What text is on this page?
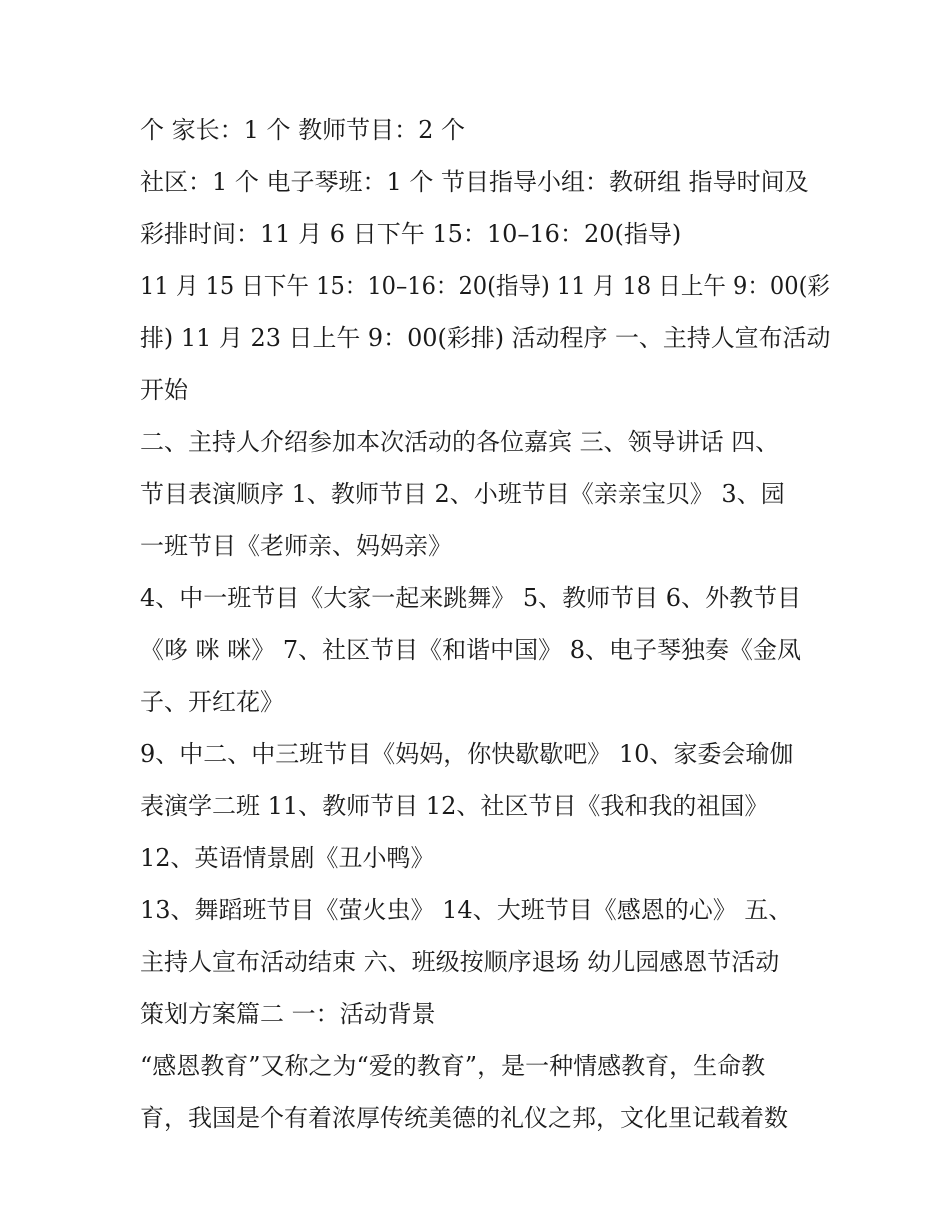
个 家长：1 个 教师节目：2 个
社区：1 个 电子琴班：1 个 节目指导小组：教研组 指导时间及
彩排时间：11 月 6 日下午 15：10–16：20(指导)
11 月 15 日下午 15：10–16：20(指导) 11 月 18 日上午 9：00(彩
排) 11 月 23 日上午 9：00(彩排) 活动程序 一、主持人宣布活动
开始
二、主持人介绍参加本次活动的各位嘉宾 三、领导讲话 四、
节目表演顺序 1、教师节目 2、小班节目《亲亲宝贝》 3、园
一班节目《老师亲、妈妈亲》
4、中一班节目《大家一起来跳舞》 5、教师节目 6、外教节目
《哆 咪 咪》 7、社区节目《和谐中国》 8、电子琴独奏《金凤
子、开红花》
9、中二、中三班节目《妈妈，你快歇歇吧》 10、家委会瑜伽
表演学二班 11、教师节目 12、社区节目《我和我的祖国》
12、英语情景剧《丑小鸭》
13、舞蹈班节目《萤火虫》 14、大班节目《感恩的心》 五、
主持人宣布活动结束 六、班级按顺序退场 幼儿园感恩节活动
策划方案篇二 一：活动背景
“感恩教育”又称之为“爱的教育”，是一种情感教育，生命教
育，我国是个有着浓厚传统美德的礼仪之邦，文化里记载着数
